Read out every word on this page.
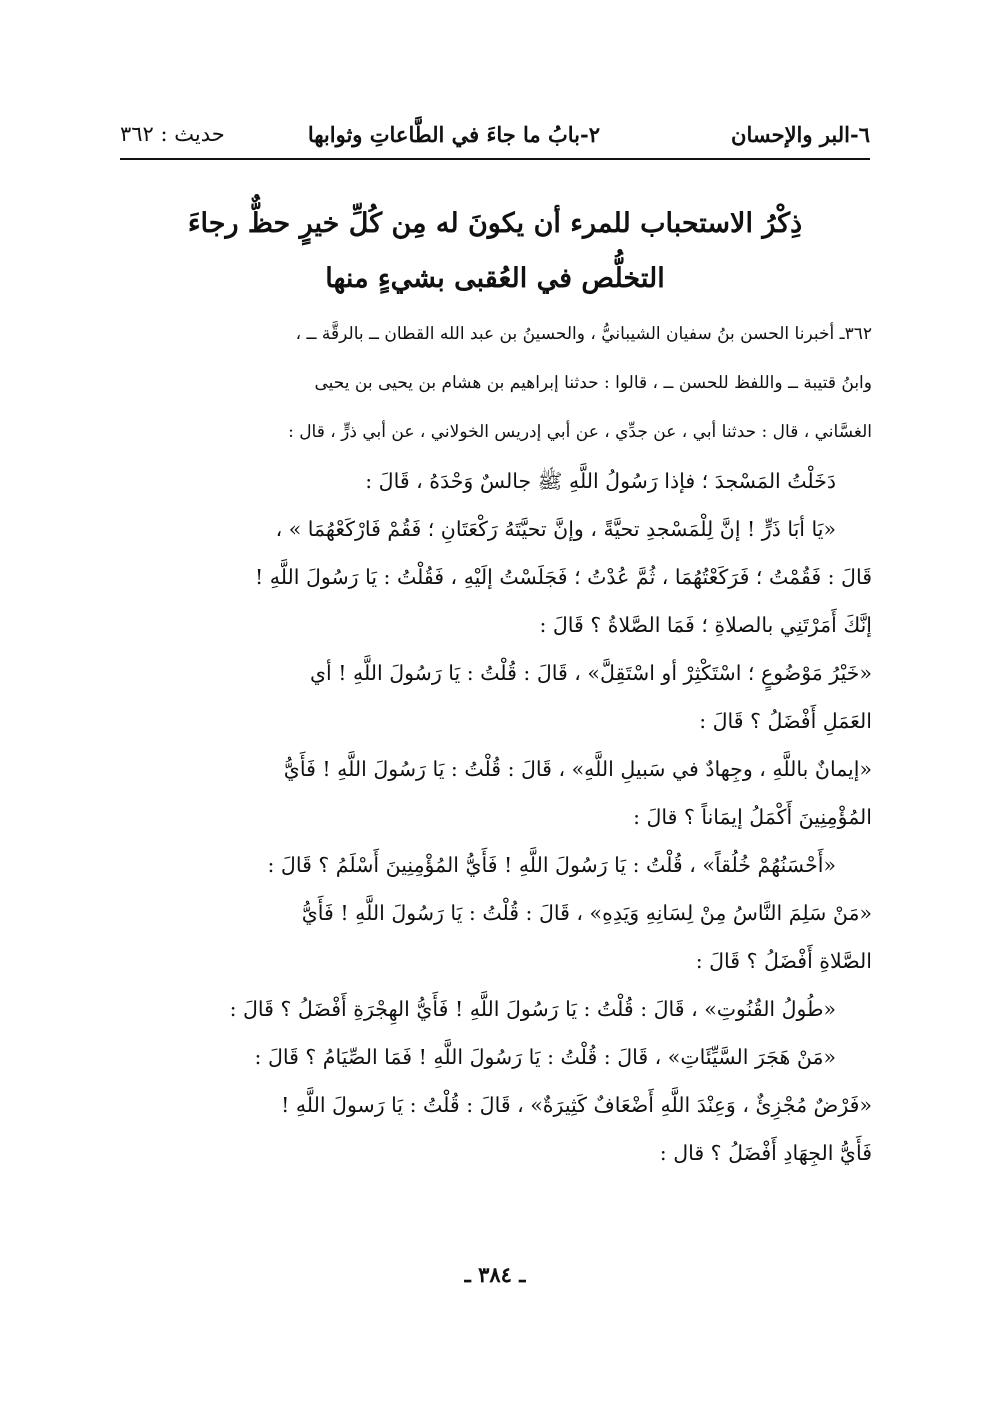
٦-البر والإحسان
٢-بابُ ما جاءَ في الطَّاعاتِ وثوابها
حديث : ٣٦٢
ذِكْرُ الاستحباب للمرء أن يكونَ له مِن كُلِّ خيرٍ حظٌّ رجاءَ
التخلُّص في العُقبى بشيءٍ منها
٣٦٢ـ أخبرنا الحسن بنُ سفيان الشيبانيُّ ، والحسينُ بن عبد الله القطان ــ بالرقَّة ــ ،
وابنُ قتيبة ــ واللفظ للحسن ــ ، قالوا : حدثنا إبراهيم بن هشام بن يحيى بن يحيى
الغسَّاني ، قال : حدثنا أبي ، عن جدِّي ، عن أبي إدريس الخولاني ، عن أبي ذرٍّ ، قال :
دَخَلْتُ المَسْجدَ ؛ فإذا رَسُولُ اللَّهِ ﷺ جالسٌ وَحْدَهُ ، قَالَ :
«يَا أبَا ذَرٍّ ! إنَّ لِلْمَسْجدِ تحيَّةً ، وإنَّ تحيَّتَهُ رَكْعَتَانِ ؛ فَقُمْ فَارْكَعْهُمَا » ،
قَالَ : فَقُمْتُ ؛ فَرَكَعْتُهُمَا ، ثُمَّ عُدْتُ ؛ فَجَلَسْتُ إلَيْهِ ، فَقُلْتُ : يَا رَسُولَ اللَّهِ !
إنَّكَ أَمَرْتَنِي بالصلاةِ ؛ فَمَا الصَّلاةُ ؟ قَالَ :
«خَيْرُ مَوْضُوعٍ ؛ اسْتَكْثِرْ أو اسْتَقِلَّ» ، قَالَ : قُلْتُ : يَا رَسُولَ اللَّهِ ! أي
العَمَلِ أَفْضَلُ ؟ قَالَ :
«إيمانٌ باللَّهِ ، وجِهادٌ في سَبيلِ اللَّهِ» ، قَالَ : قُلْتُ : يَا رَسُولَ اللَّهِ ! فَأَيُّ
المُؤْمِنِينَ أَكْمَلُ إيمَاناً ؟ قالَ :
«أَحْسَنُهُمْ خُلُقاً» ، قُلْتُ : يَا رَسُولَ اللَّهِ ! فَأَيُّ المُؤْمِنِينَ أَسْلَمُ ؟ قَالَ :
«مَنْ سَلِمَ النَّاسُ مِنْ لِسَانِهِ وَيَدِهِ» ، قَالَ : قُلْتُ : يَا رَسُولَ اللَّهِ ! فَأَيُّ
الصَّلاةِ أَفْضَلُ ؟ قَالَ :
«طُولُ القُنُوتِ» ، قَالَ : قُلْتُ : يَا رَسُولَ اللَّهِ ! فَأَيُّ الهِجْرَةِ أَفْضَلُ ؟ قَالَ :
«مَنْ هَجَرَ السَّيِّئَاتِ» ، قَالَ : قُلْتُ : يَا رَسُولَ اللَّهِ ! فَمَا الصِّيَامُ ؟ قَالَ :
«فَرْضٌ مُجْزِئٌ ، وَعِنْدَ اللَّهِ أَضْعَافٌ كَثِيرَةٌ» ، قَالَ : قُلْتُ : يَا رَسولَ اللَّهِ !
فَأَيُّ الجِهَادِ أَفْضَلُ ؟ قال :
ـ ٣٨٤ ـ
